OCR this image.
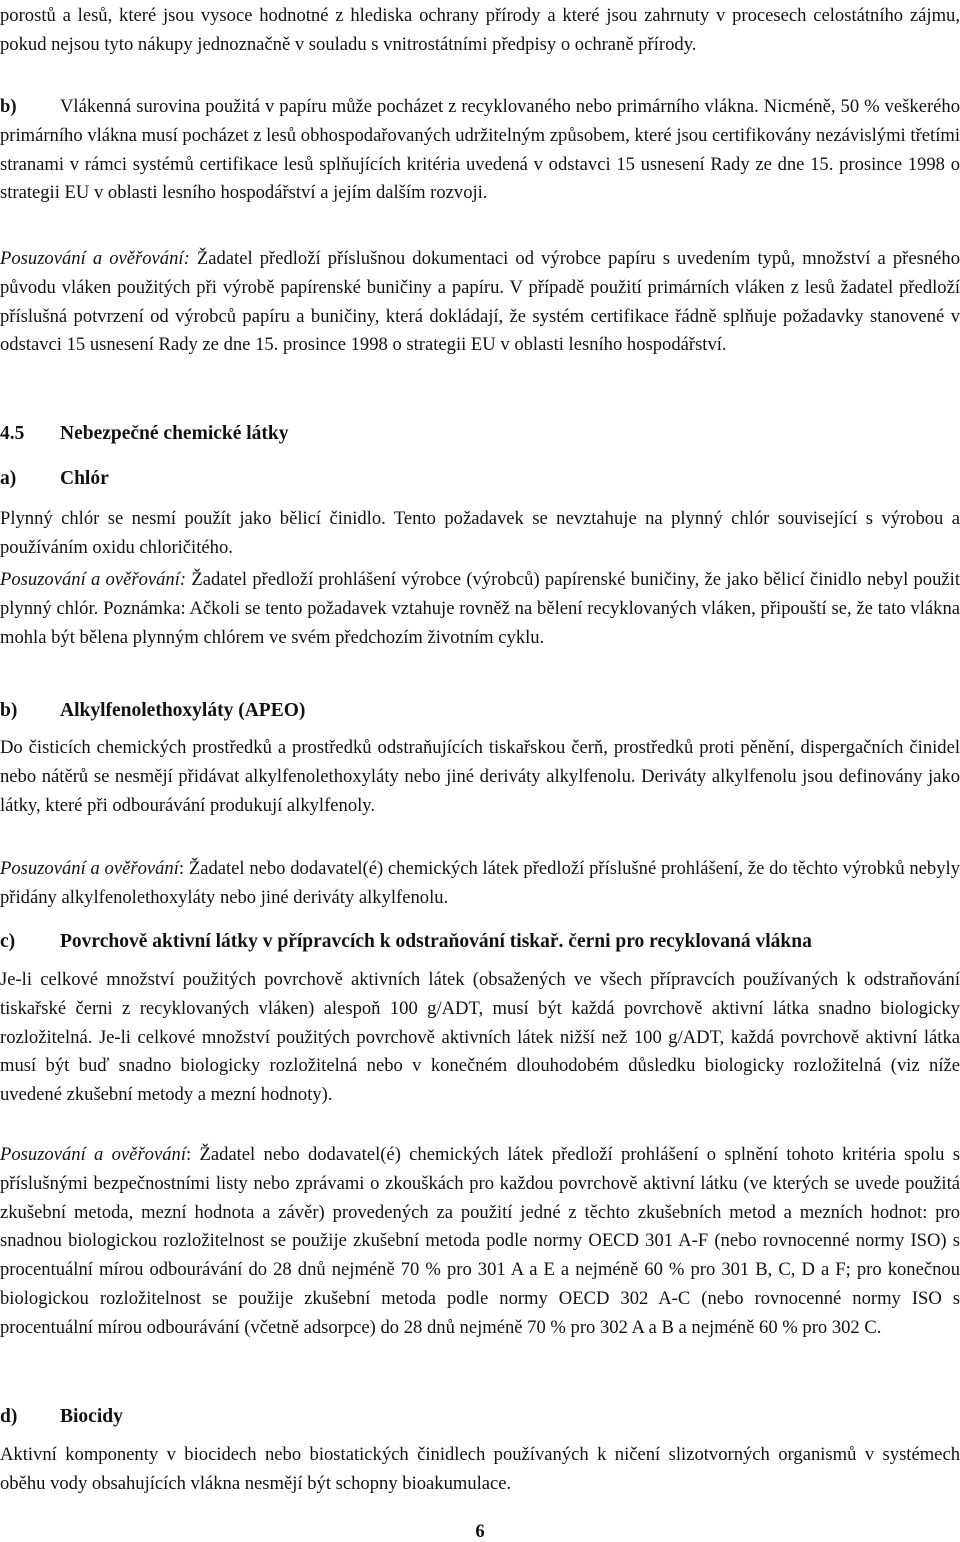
porostů a lesů, které jsou vysoce hodnotné z hlediska ochrany přírody a které jsou zahrnuty v procesech celostátního zájmu, pokud nejsou tyto nákupy jednoznačně v souladu s vnitrostátními předpisy o ochraně přírody.

b) Vlákenná surovina použitá v papíru může pocházet z recyklovaného nebo primárního vlákna. Nicméně, 50 % veškerého primárního vlákna musí pocházet z lesů obhospodařovaných udržitelným způsobem, které jsou certifikovány nezávislými třetími stranami v rámci systémů certifikace lesů splňujících kritéria uvedená v odstavci 15 usnesení Rady ze dne 15. prosince 1998 o strategii EU v oblasti lesního hospodářství a jejím dalším rozvoji.

Posuzování a ověřování: Žadatel předloží příslušnou dokumentaci od výrobce papíru s uvedením typů, množství a přesného původu vláken použitých při výrobě papírenské buničiny a papíru. V případě použití primárních vláken z lesů žadatel předloží příslušná potvrzení od výrobců papíru a buničiny, která dokládají, že systém certifikace řádně splňuje požadavky stanovené v odstavci 15 usnesení Rady ze dne 15. prosince 1998 o strategii EU v oblasti lesního hospodářství.

4.5 Nebezpečné chemické látky
a) Chlór

Plynný chlór se nesmí použít jako bělicí činidlo. Tento požadavek se nevztahuje na plynný chlór související s výrobou a používáním oxidu chloričitého.

Posuzování a ověřování: Žadatel předloží prohlášení výrobce (výrobců) papírenské buničiny, že jako bělicí činidlo nebyl použit plynný chlór. Poznámka: Ačkoli se tento požadavek vztahuje rovněž na bělení recyklovaných vláken, připouští se, že tato vlákna mohla být bělena plynným chlórem ve svém předchozím životním cyklu.

b) Alkylfenolethoxyláty (APEO)

Do čisticích chemických prostředků a prostředků odstraňujících tiskařskou čerň, prostředků proti pěnění, dispergačních činidel nebo nátěrů se nesmějí přidávat alkylfenolethoxyláty nebo jiné deriváty alkylfenolu. Deriváty alkylfenolu jsou definovány jako látky, které při odbourávání produkují alkylfenoly.

Posuzování a ověřování: Žadatel nebo dodavatel(é) chemických látek předloží příslušné prohlášení, že do těchto výrobků nebyly přidány alkylfenolethoxyláty nebo jiné deriváty alkylfenolu.

c) Povrchově aktivní látky v přípravcích k odstraňování tiskař. černi pro recyklovaná vlákna

Je-li celkové množství použitých povrchově aktivních látek (obsažených ve všech přípravcích používaných k odstraňování tiskařské černi z recyklovaných vláken) alespoň 100 g/ADT, musí být každá povrchově aktivní látka snadno biologicky rozložitelná. Je-li celkové množství použitých povrchově aktivních látek nižší než 100 g/ADT, každá povrchově aktivní látka musí být buď snadno biologicky rozložitelná nebo v konečném dlouhodobém důsledku biologicky rozložitelná (viz níže uvedené zkušební metody a mezní hodnoty).

Posuzování a ověřování: Žadatel nebo dodavatel(é) chemických látek předloží prohlášení o splnění tohoto kritéria spolu s příslušnými bezpečnostními listy nebo zprávami o zkouškách pro každou povrchově aktivní látku (ve kterých se uvede použitá zkušební metoda, mezní hodnota a závěr) provedených za použití jedné z těchto zkušebních metod a mezních hodnot: pro snadnou biologickou rozložitelnost se použije zkušební metoda podle normy OECD 301 A-F (nebo rovnocenné normy ISO) s procentuální mírou odbourávání do 28 dnů nejméně 70 % pro 301 A a E a nejméně 60 % pro 301 B, C, D a F; pro konečnou biologickou rozložitelnost se použije zkušební metoda podle normy OECD 302 A-C (nebo rovnocenné normy ISO s procentuální mírou odbourávání (včetně adsorpce) do 28 dnů nejméně 70 % pro 302 A a B a nejméně 60 % pro 302 C.

d) Biocidy

Aktivní komponenty v biocidech nebo biostatických činidlech používaných k ničení slizotvorných organismů v systémech oběhu vody obsahujících vlákna nesmějí být schopny bioakumulace.

6
